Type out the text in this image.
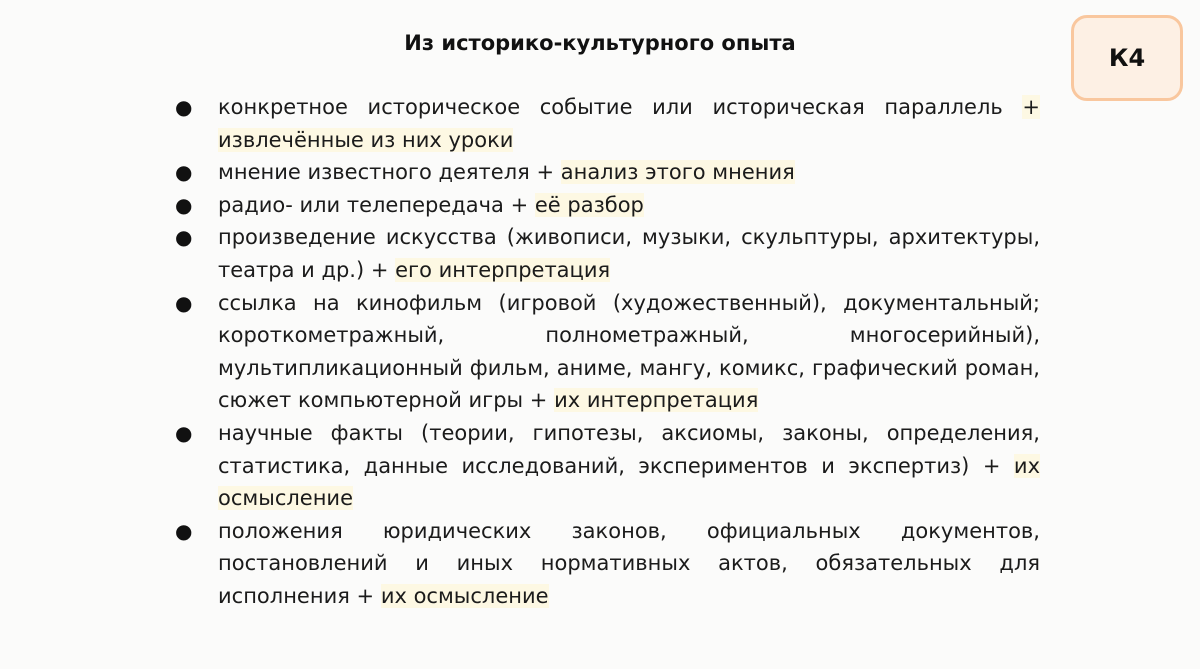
Из историко-культурного опыта
К4
● конкретное историческое событие или историческая параллель + извлечённые из них уроки
● мнение известного деятеля + анализ этого мнения
● радио- или телепередача + её разбор
● произведение искусства (живописи, музыки, скульптуры, архитектуры, театра и др.) + его интерпретация
● ссылка на кинофильм (игровой (художественный), документальный; короткометражный, полнометражный, многосерийный), мультипликационный фильм, аниме, мангу, комикс, графический роман, сюжет компьютерной игры + их интерпретация
● научные факты (теории, гипотезы, аксиомы, законы, определения, статистика, данные исследований, экспериментов и экспертиз) + их осмысление
● положения юридических законов, официальных документов, постановлений и иных нормативных актов, обязательных для исполнения + их осмысление
